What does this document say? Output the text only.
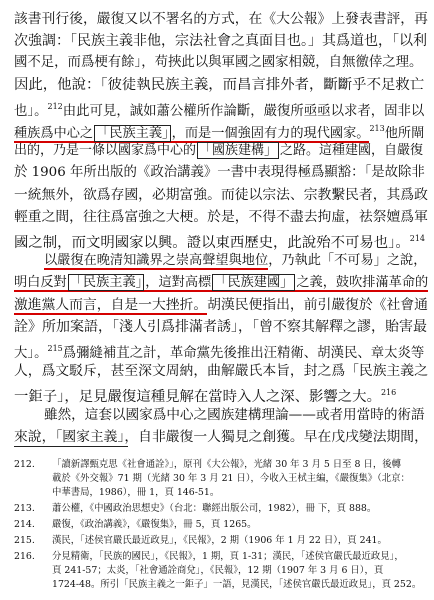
該書刊行後，嚴復又以不署名的方式，在《大公報》上發表書評，再
次強調：「民族主義非他，宗法社會之真面目也。」其爲道也，「以利
國不足，而爲梗有餘」，苟挾此以與軍國之國家相競，自無徼倖之理。
因此，他說：「彼徒執民族主義，而昌言排外者，斷斷乎不足救亡
也」。$^{212}$由此可見，誠如蕭公權所作論斷，嚴復所亟亟以求者，固非以
種族爲中心之 「民族主義」 ，而是一個強固有力的現代國家。$^{213}$他所閘
出的，乃是一條以國家爲中心的 「國族建構」 之路。這種建國，自嚴復
於 1906 年所出版的《政治講義》一書中表現得極爲顯豁：「是故除非
一統無外，欲爲存國，必期富強。而徒以宗法、宗教繫民者，其爲政
輕重之間，往往爲富強之大梗。於是，不得不盡去拘虛，祛祭嬗爲軍
國之制，而文明國家以興。證以東西歷史，此說殆不可易也」。$^{214}$
以嚴復在晚清知識界之崇高聲望與地位，乃執此「不可易」之說，
明白反對 「民族主義」 ，這對高標 「民族建國」 之義，鼓吹排滿革命的
激進黨人而言，自是一大挫折。胡漢民便指出，前引嚴復於《社會通
詮》所加案語，「淺人引爲排滿者誘」，「曾不察其解釋之謬，貽害最
大」。$^{215}$爲彌縫補苴之計，革命黨先後推出汪精衛、胡漢民、章太炎等
人，爲文駁斥，甚至深文周納，曲解嚴氏本旨，封之爲「民族主義之
一鉅子」，足見嚴復這種見解在當時入人之深、影響之大。$^{216}$
雖然，這套以國家爲中心之國族建構理論——或者用當時的術語
來說，「國家主義」，自非嚴復一人獨見之創獲。早在戊戌變法期間，
212. 「讀新譯甄克思《社會通詮》」，原刊《大公報》，光緒 30 年 3 月 5 日至 8 日，後轉
載於《外交報》71 期（光緒 30 年 3 月 21 日），今收入王栻主編，《嚴復集》（北京：
中華書局，1986），冊 1，頁 146-51。
213. 蕭公權，《中國政治思想史》（台北：聯經出版公司，1982），冊 下，頁 888。
214. 嚴復，《政治講義》，《嚴復集》，冊 5，頁 1265。
215. 漢民，「述侯官嚴氏最近政見」，《民報》，2 期（1906 年 1 月 22 日），頁 241。
216. 分見精衛，「民族的國民」，《民報》，1 期，頁 1-31；漢民，「述侯官嚴氏最近政見」，
頁 241-57；太炎，「社會通詮商兌」，《民報》，12 期（1907 年 3 月 6 日），頁
1724-48。所引「民族主義之一鉅子」一語，見漢民，「述侯官嚴氏最近政見」，頁 252。
